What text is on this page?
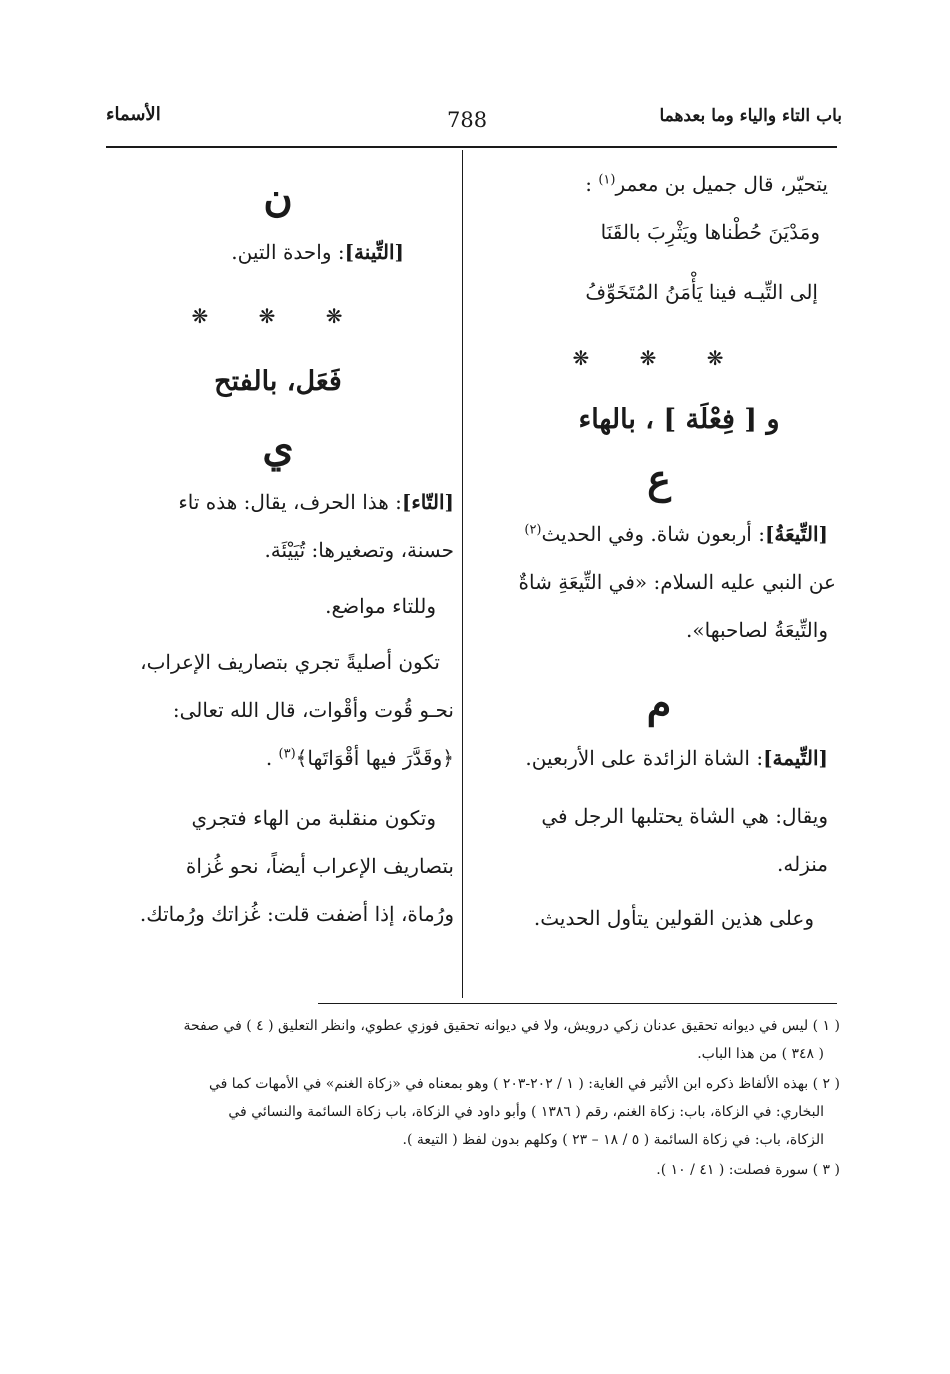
باب التاء والياء وما بعدهما
788
الأسماء

يتحيّر، قال جميل بن معمر$^{(١)}$ :

ومَدْيَنَ حُطْناها ويَثْرِبَ بالقَنَا

إلى التِّيـه فينا يَأْمَنُ المُتَخَوِّفُ

❋ ❋ ❋

و [ فِعْلَة ] ، بالهاء

ع

[التِّيعَةُ]: أربعون شاة. وفي الحديث$^{(٢)}$

عن النبي عليه السلام: «في التِّيعَةِ شاةٌ

والتِّيعَةُ لصاحبها».

م

[التِّيمة]: الشاة الزائدة على الأربعين.

ويقال: هي الشاة يحتلبها الرجل في

منزله.

وعلى هذين القولين يتأول الحديث.

ن

[التِّينة]: واحدة التين.

❋ ❋ ❋

فَعَل، بالفتح

ي

[التّاء]: هذا الحرف، يقال: هذه تاء

حسنة، وتصغيرها: تُيَيْئَة.

وللتاء مواضع.

تكون أصليةً تجري بتصاريف الإعراب،

نحـو قُوت وأقْوات، قال الله تعالى:

﴿وقَدَّرَ فيها أقْوَاتَها﴾$^{(٣)}$ .

وتكون منقلبة من الهاء فتجري

بتصاريف الإعراب أيضاً، نحو غُزاة

ورُماة، إذا أضفت قلت: غُزاتك ورُماتك.

( ١ ) ليس في ديوانه تحقيق عدنان زكي درويش، ولا في ديوانه تحقيق فوزي عطوي، وانظر التعليق ( ٤ ) في صفحة
( ٣٤٨ ) من هذا الباب.

( ٢ ) بهذه الألفاظ ذكره ابن الأثير في الغاية: ( ١ / ٢٠٢-٢٠٣ ) وهو بمعناه في «زكاة الغنم» في الأمهات كما في
البخاري: في الزكاة، باب: زكاة الغنم، رقم ( ١٣٨٦ ) وأبو داود في الزكاة، باب زكاة السائمة والنسائي في
الزكاة، باب: في زكاة السائمة ( ٥ / ١٨ – ٢٣ ) وكلهم بدون لفظ ( التيعة ).

( ٣ ) سورة فصلت: ( ٤١ / ١٠ ).
